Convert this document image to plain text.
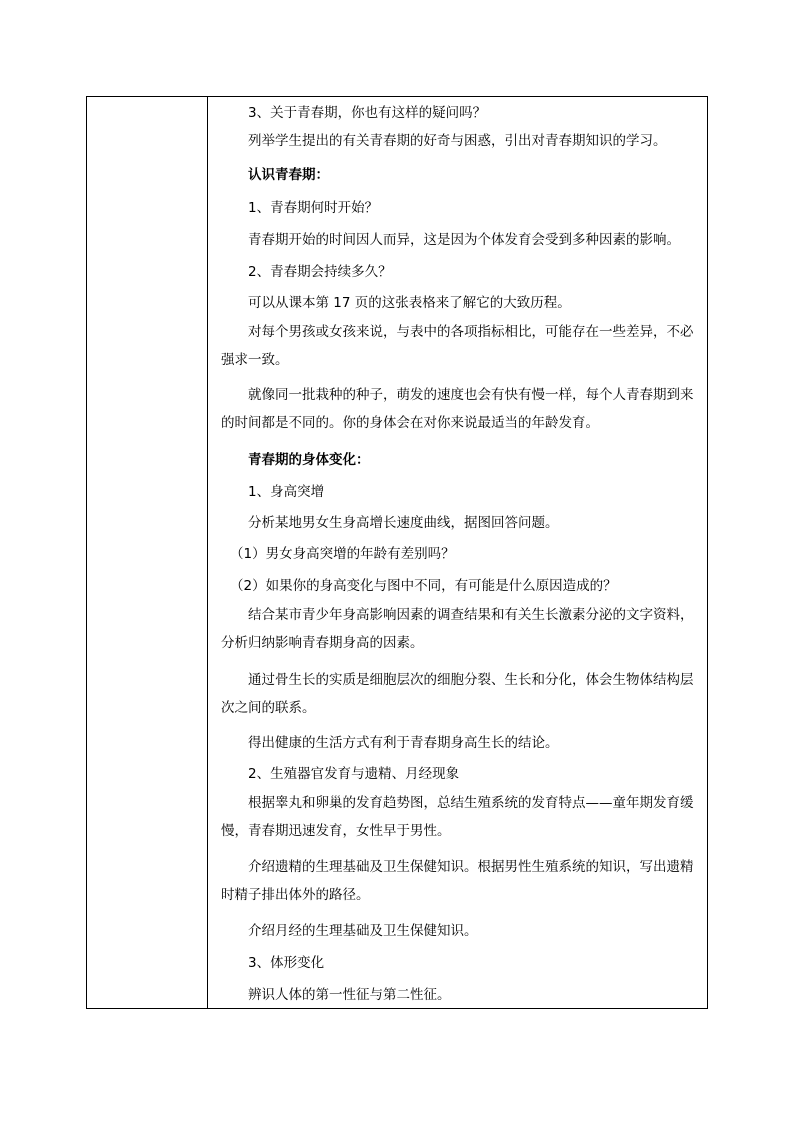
3、关于青春期，你也有这样的疑问吗？
列举学生提出的有关青春期的好奇与困惑，引出对青春期知识的学习。
认识青春期：
1、青春期何时开始？
青春期开始的时间因人而异，这是因为个体发育会受到多种因素的影响。
2、青春期会持续多久？
可以从课本第 17 页的这张表格来了解它的大致历程。
对每个男孩或女孩来说，与表中的各项指标相比，可能存在一些差异，不必强求一致。
就像同一批栽种的种子，萌发的速度也会有快有慢一样，每个人青春期到来的时间都是不同的。你的身体会在对你来说最适当的年龄发育。
青春期的身体变化：
1、身高突增
分析某地男女生身高增长速度曲线，据图回答问题。
（1）男女身高突增的年龄有差别吗？
（2）如果你的身高变化与图中不同，有可能是什么原因造成的？
结合某市青少年身高影响因素的调查结果和有关生长激素分泌的文字资料，分析归纳影响青春期身高的因素。
通过骨生长的实质是细胞层次的细胞分裂、生长和分化，体会生物体结构层次之间的联系。
得出健康的生活方式有利于青春期身高生长的结论。
2、生殖器官发育与遗精、月经现象
根据睾丸和卵巢的发育趋势图，总结生殖系统的发育特点——童年期发育缓慢，青春期迅速发育，女性早于男性。
介绍遗精的生理基础及卫生保健知识。根据男性生殖系统的知识，写出遗精时精子排出体外的路径。
介绍月经的生理基础及卫生保健知识。
3、体形变化
辨识人体的第一性征与第二性征。
